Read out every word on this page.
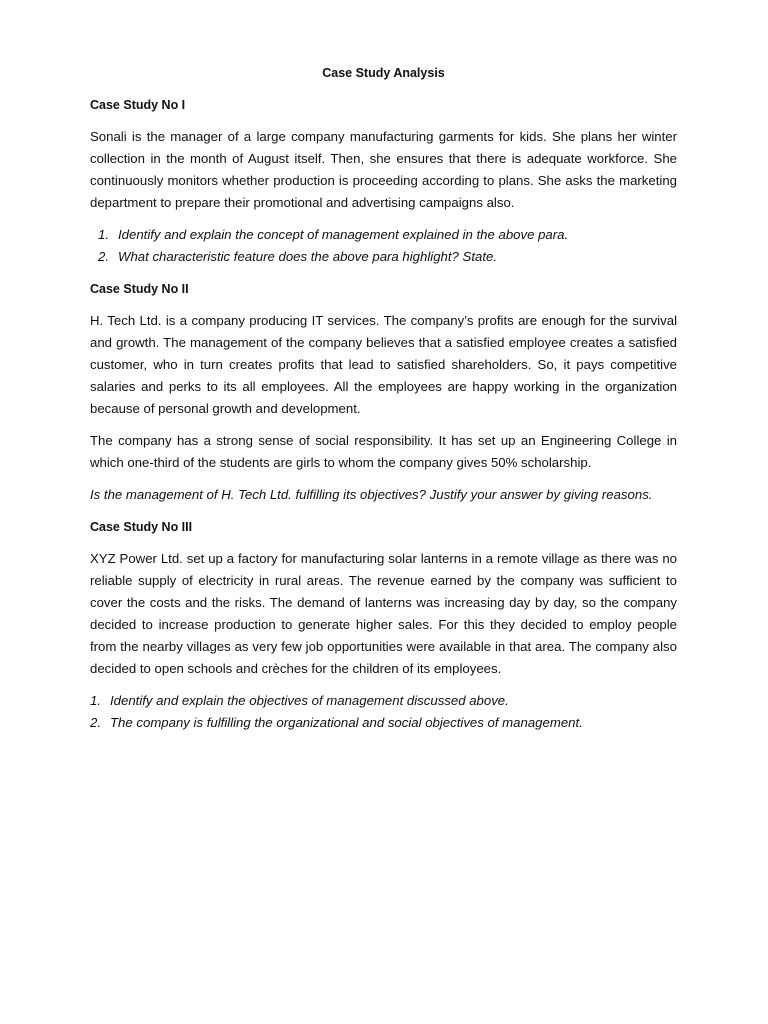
Case Study Analysis
Case Study No I

Sonali is the manager of a large company manufacturing garments for kids. She plans her winter collection in the month of August itself. Then, she ensures that there is adequate workforce. She continuously monitors whether production is proceeding according to plans. She asks the marketing department to prepare their promotional and advertising campaigns also.

1. Identify and explain the concept of management explained in the above para.
2. What characteristic feature does the above para highlight? State.
Case Study No II

H. Tech Ltd. is a company producing IT services. The company’s profits are enough for the survival and growth. The management of the company believes that a satisfied employee creates a satisfied customer, who in turn creates profits that lead to satisfied shareholders. So, it pays competitive salaries and perks to its all employees. All the employees are happy working in the organization because of personal growth and development.

The company has a strong sense of social responsibility. It has set up an Engineering College in which one-third of the students are girls to whom the company gives 50% scholarship.

Is the management of H. Tech Ltd. fulfilling its objectives? Justify your answer by giving reasons.

Case Study No III

XYZ Power Ltd. set up a factory for manufacturing solar lanterns in a remote village as there was no reliable supply of electricity in rural areas. The revenue earned by the company was sufficient to cover the costs and the risks. The demand of lanterns was increasing day by day, so the company decided to increase production to generate higher sales. For this they decided to employ people from the nearby villages as very few job opportunities were available in that area. The company also decided to open schools and crèches for the children of its employees.

1. Identify and explain the objectives of management discussed above.
2. The company is fulfilling the organizational and social objectives of management.
